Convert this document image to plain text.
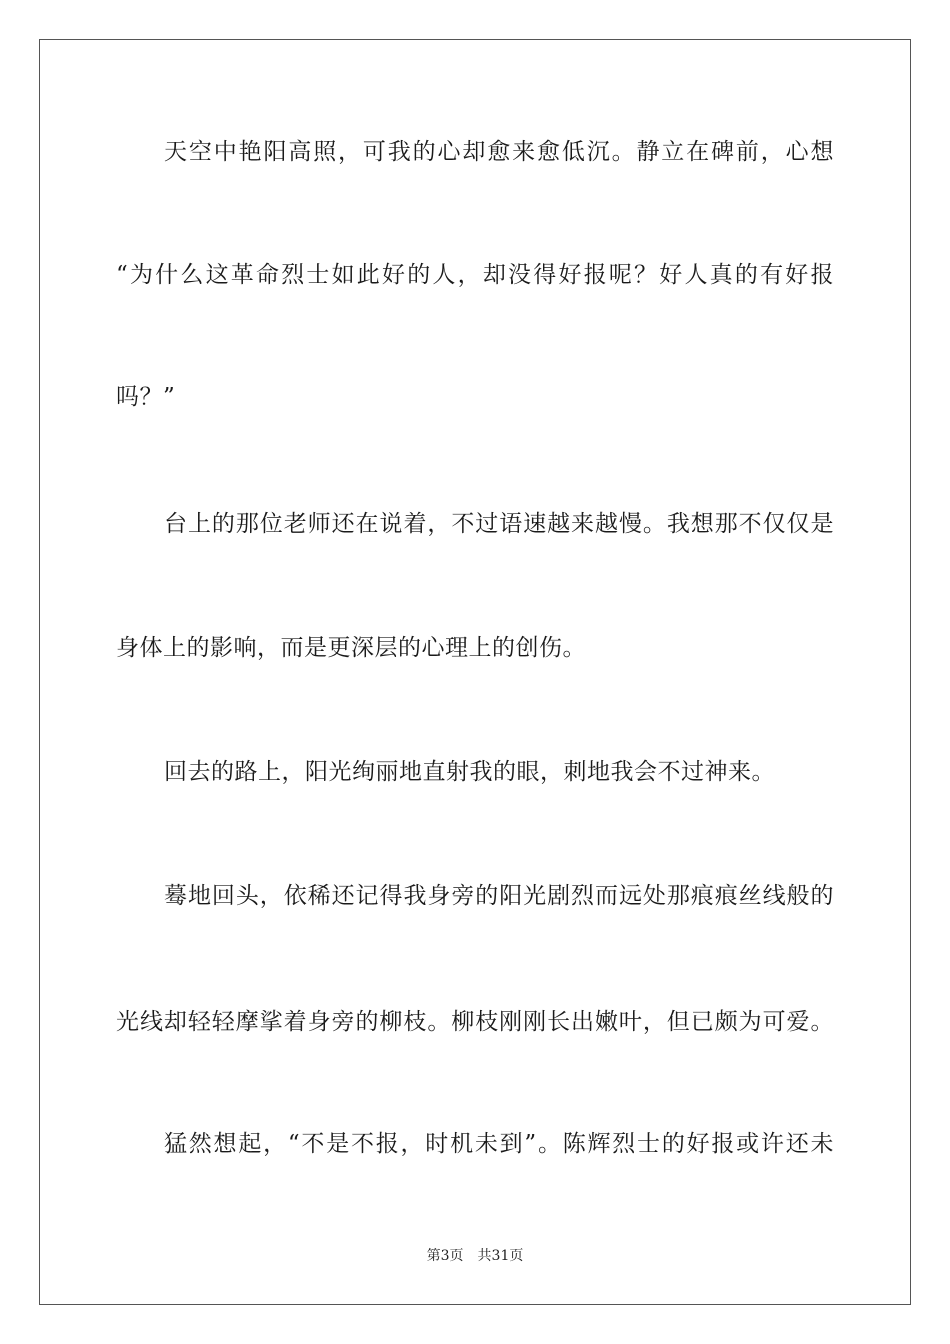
天空中艳阳高照，可我的心却愈来愈低沉。静立在碑前，心想
“为什么这革命烈士如此好的人，却没得好报呢？好人真的有好报
吗？”
台上的那位老师还在说着，不过语速越来越慢。我想那不仅仅是
身体上的影响，而是更深层的心理上的创伤。
回去的路上，阳光绚丽地直射我的眼，刺地我会不过神来。
蓦地回头，依稀还记得我身旁的阳光剧烈而远处那痕痕丝线般的
光线却轻轻摩挲着身旁的柳枝。柳枝刚刚长出嫩叶，但已颇为可爱。
猛然想起，“不是不报，时机未到”。陈辉烈士的好报或许还未
第3页 共31页
